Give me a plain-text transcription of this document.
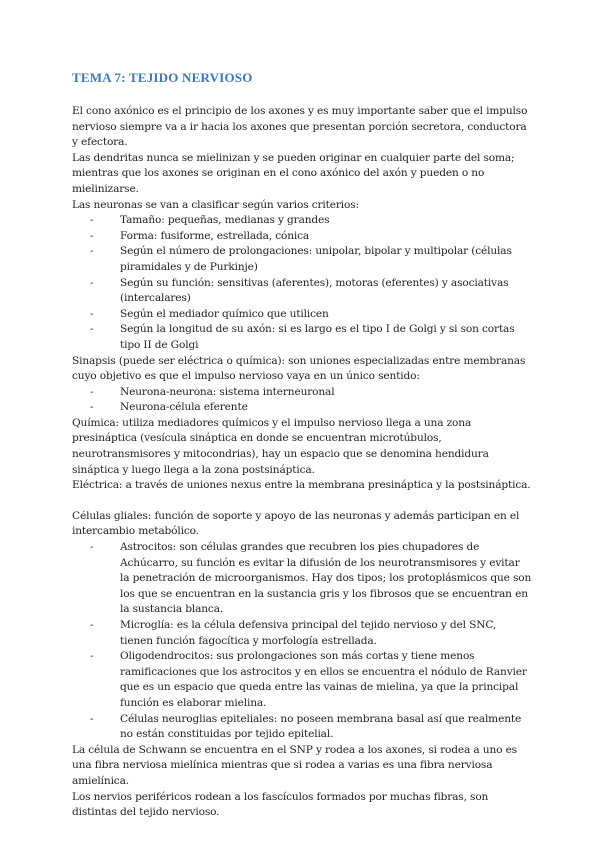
TEMA 7: TEJIDO NERVIOSO

El cono axónico es el principio de los axones y es muy importante saber que el impulso nervioso siempre va a ir hacia los axones que presentan porción secretora, conductora y efectora.

Las dendritas nunca se mielinizan y se pueden originar en cualquier parte del soma; mientras que los axones se originan en el cono axónico del axón y pueden o no mielinizarse.

Las neuronas se van a clasificar según varios criterios:

- Tamaño: pequeñas, medianas y grandes
- Forma: fusiforme, estrellada, cónica
- Según el número de prolongaciones: unipolar, bipolar y multipolar (células piramidales y de Purkinje)
- Según su función: sensitivas (aferentes), motoras (eferentes) y asociativas (intercalares)
- Según el mediador químico que utilicen
- Según la longitud de su axón: si es largo es el tipo I de Golgi y si son cortas tipo II de Golgi

Sinapsis (puede ser eléctrica o química): son uniones especializadas entre membranas cuyo objetivo es que el impulso nervioso vaya en un único sentido:

- Neurona-neurona: sistema interneuronal
- Neurona-célula eferente

Química: utiliza mediadores químicos y el impulso nervioso llega a una zona presináptica (vesícula sináptica en donde se encuentran microtúbulos, neurotransmisores y mitocondrias), hay un espacio que se denomina hendidura sináptica y luego llega a la zona postsináptica.

Eléctrica: a través de uniones nexus entre la membrana presináptica y la postsináptica.

Células gliales: función de soporte y apoyo de las neuronas y además participan en el intercambio metabólico.

- Astrocitos: son células grandes que recubren los pies chupadores de Achúcarro, su función es evitar la difusión de los neurotransmisores y evitar la penetración de microorganismos. Hay dos tipos; los protoplásmicos que son los que se encuentran en la sustancia gris y los fibrosos que se encuentran en la sustancia blanca.
- Microglía: es la célula defensiva principal del tejido nervioso y del SNC, tienen función fagocítica y morfología estrellada.
- Oligodendrocitos: sus prolongaciones son más cortas y tiene menos ramificaciones que los astrocitos y en ellos se encuentra el nódulo de Ranvier que es un espacio que queda entre las vainas de mielina, ya que la principal función es elaborar mielina.
- Células neuroglias epiteliales: no poseen membrana basal así que realmente no están constituidas por tejido epitelial.

La célula de Schwann se encuentra en el SNP y rodea a los axones, si rodea a uno es una fibra nerviosa mielínica mientras que si rodea a varias es una fibra nerviosa amielínica.

Los nervios periféricos rodean a los fascículos formados por muchas fibras, son distintas del tejido nervioso.
